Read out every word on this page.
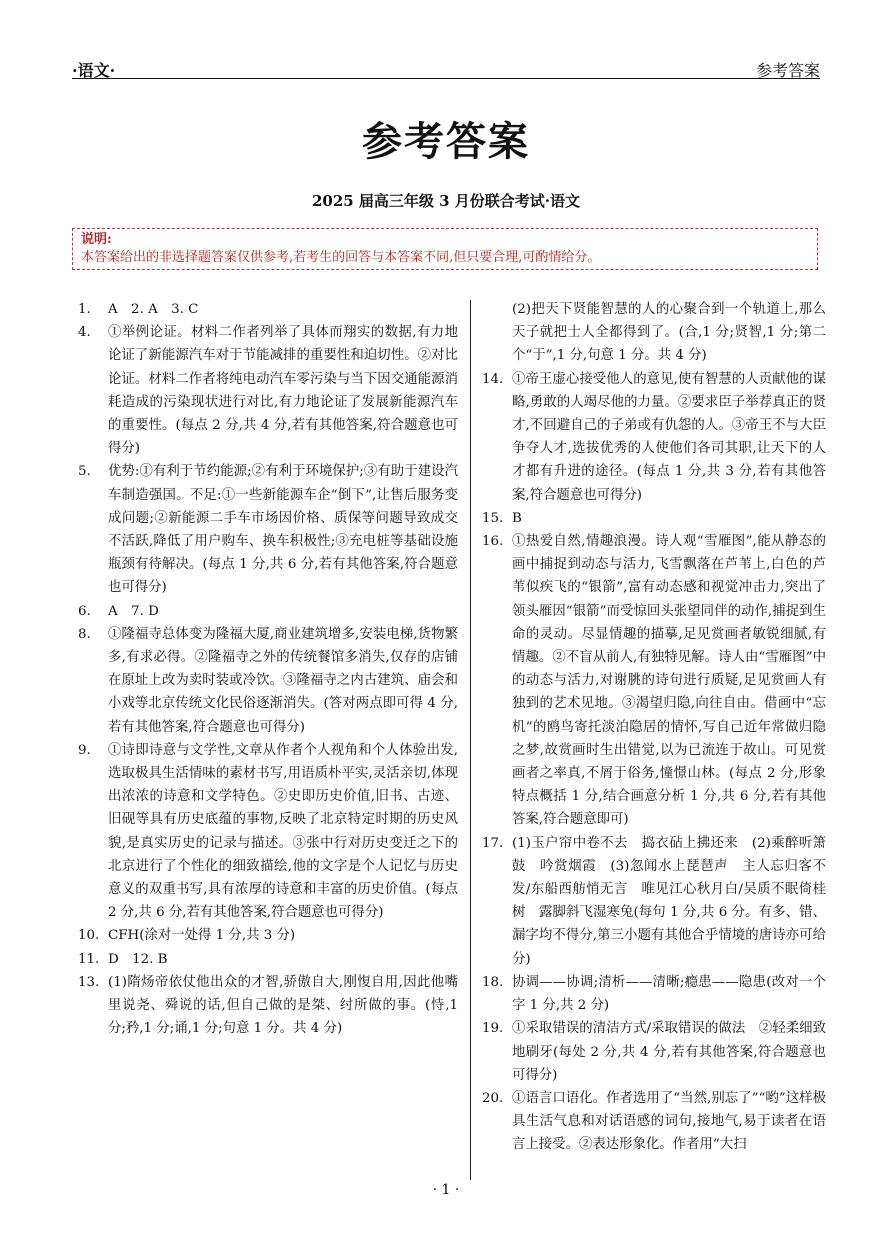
·语文·	参考答案
参考答案
2025 届高三年级 3 月份联合考试·语文
说明:
本答案给出的非选择题答案仅供参考,若考生的回答与本答案不同,但只要合理,可酌情给分。
1. A　2. A　3. C
4. ①举例论证。材料二作者列举了具体而翔实的数据,有力地论证了新能源汽车对于节能减排的重要性和迫切性。②对比论证。材料二作者将纯电动汽车零污染与当下因交通能源消耗造成的污染现状进行对比,有力地论证了发展新能源汽车的重要性。(每点 2 分,共 4 分,若有其他答案,符合题意也可得分)
5. 优势:①有利于节约能源;②有利于环境保护;③有助于建设汽车制造强国。不足:①一些新能源车企“倒下”,让售后服务变成问题;②新能源二手车市场因价格、质保等问题导致成交不活跃,降低了用户购车、换车积极性;③充电桩等基础设施瓶颈有待解决。(每点 1 分,共 6 分,若有其他答案,符合题意也可得分)
6. A　7. D
8. ①隆福寺总体变为隆福大厦,商业建筑增多,安装电梯,货物繁多,有求必得。②隆福寺之外的传统餐馆多消失,仅存的店铺在原址上改为卖时装或冷饮。③隆福寺之内古建筑、庙会和小戏等北京传统文化民俗逐渐消失。(答对两点即可得 4 分,若有其他答案,符合题意也可得分)
9. ①诗即诗意与文学性,文章从作者个人视角和个人体验出发,选取极具生活情味的素材书写,用语质朴平实,灵活亲切,体现出浓浓的诗意和文学特色。②史即历史价值,旧书、古迹、旧砚等具有历史底蕴的事物,反映了北京特定时期的历史风貌,是真实历史的记录与描述。③张中行对历史变迁之下的北京进行了个性化的细致描绘,他的文字是个人记忆与历史意义的双重书写,具有浓厚的诗意和丰富的历史价值。(每点 2 分,共 6 分,若有其他答案,符合题意也可得分)
10. CFH(涂对一处得 1 分,共 3 分)
11. D　12. B
13. (1)隋炀帝依仗他出众的才智,骄傲自大,刚愎自用,因此他嘴里说尧、舜说的话,但自己做的是桀、纣所做的事。(恃,1 分;矜,1 分;诵,1 分;句意 1 分。共 4 分)
(2)把天下贤能智慧的人的心聚合到一个轨道上,那么天子就把士人全都得到了。(合,1 分;贤智,1 分;第二个“于”,1 分,句意 1 分。共 4 分)
14. ①帝王虚心接受他人的意见,使有智慧的人贡献他的谋略,勇敢的人竭尽他的力量。②要求臣子举荐真正的贤才,不回避自己的子弟或有仇怨的人。③帝王不与大臣争夺人才,选拔优秀的人使他们各司其职,让天下的人才都有升进的途径。(每点 1 分,共 3 分,若有其他答案,符合题意也可得分)
15. B
16. ①热爱自然,情趣浪漫。诗人观“雪雁图”,能从静态的画中捕捉到动态与活力,飞雪飘落在芦苇上,白色的芦苇似疾飞的“银箭”,富有动态感和视觉冲击力,突出了领头雁因“银箭”而受惊回头张望同伴的动作,捕捉到生命的灵动。尽显情趣的描摹,足见赏画者敏锐细腻,有情趣。②不盲从前人,有独特见解。诗人由“雪雁图”中的动态与活力,对谢朓的诗句进行质疑,足见赏画人有独到的艺术见地。③渴望归隐,向往自由。借画中“忘机”的鸥鸟寄托淡泊隐居的情怀,写自己近年常做归隐之梦,故赏画时生出错觉,以为已流连于故山。可见赏画者之率真,不屑于俗务,憧憬山林。(每点 2 分,形象特点概括 1 分,结合画意分析 1 分,共 6 分,若有其他答案,符合题意即可)
17. (1)玉户帘中卷不去　捣衣砧上拂还来　(2)乘醉听箫鼓　吟赏烟霞　(3)忽闻水上琵琶声　主人忘归客不发/东船西舫悄无言　唯见江心秋月白/吴质不眠倚桂树　露脚斜飞湿寒兔(每句 1 分,共 6 分。有多、错、漏字均不得分,第三小题有其他合乎情境的唐诗亦可给分)
18. 协调——协调;清析——清晰;瘾患——隐患(改对一个字 1 分,共 2 分)
19. ①采取错误的清洁方式/采取错误的做法　②轻柔细致地刷牙(每处 2 分,共 4 分,若有其他答案,符合题意也可得分)
20. ①语言口语化。作者选用了“当然,别忘了”“哟”这样极具生活气息和对话语感的词句,接地气,易于读者在语言上接受。②表达形象化。作者用“大扫
· 1 ·
